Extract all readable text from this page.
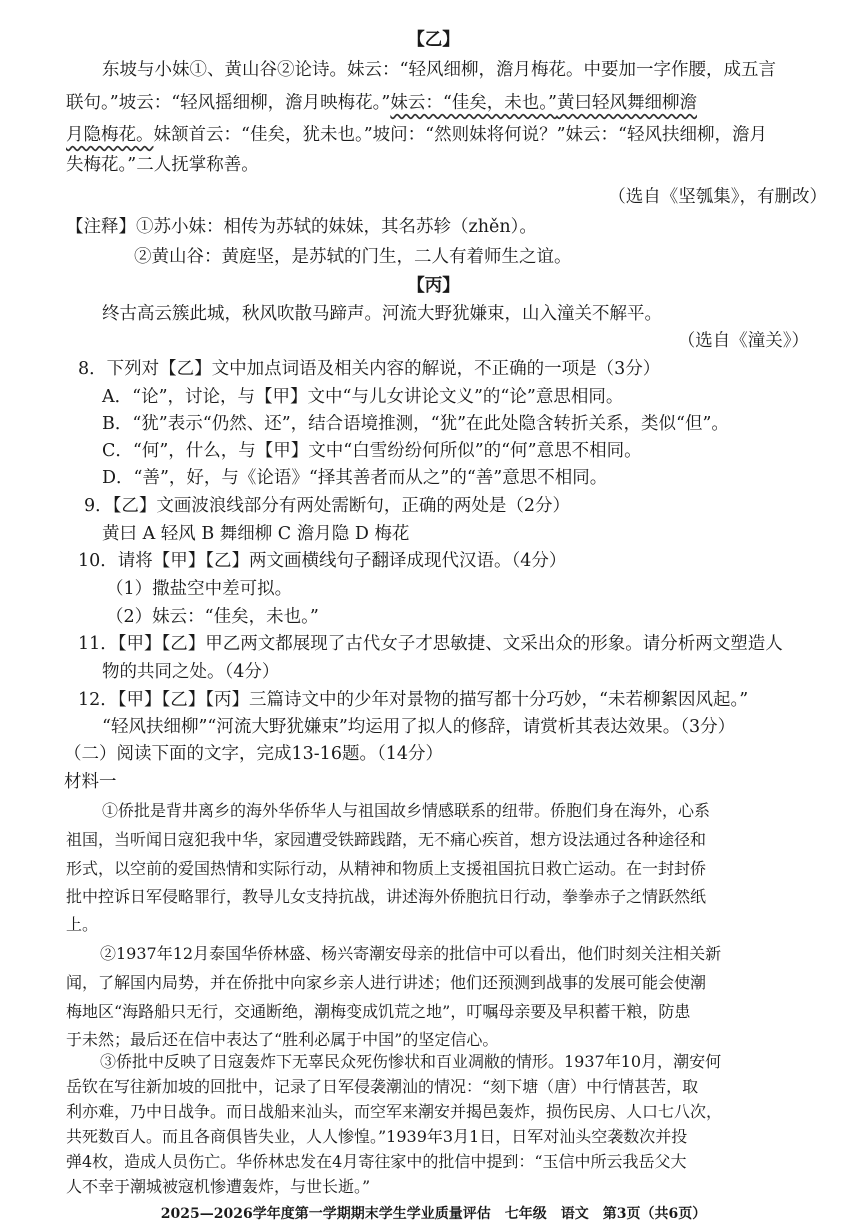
【乙】
东坡与小妹①、黄山谷②论诗。妹云：“轻风细柳，澹月梅花。中要加一字作腰，成五言
联句。”坡云：“轻风摇细柳，澹月映梅花。”妹云：“佳矣，未也。”黄曰轻风舞细柳澹
月隐梅花。妹颔首云：“佳矣，犹未也。”坡问：“然则妹将何说？”妹云：“轻风扶细柳，澹月
失梅花。”二人抚掌称善。
（选自《坚瓠集》，有删改）
【注释】①苏小妹：相传为苏轼的妹妹，其名苏轸（zhěn）。
②黄山谷：黄庭坚，是苏轼的门生，二人有着师生之谊。
【丙】
终古高云簇此城，秋风吹散马蹄声。河流大野犹嫌束，山入潼关不解平。
（选自《潼关》）
8．下列对【乙】文中加点词语及相关内容的解说，不正确的一项是（3分）
A．“论”，讨论，与【甲】文中“与儿女讲论文义”的“论”意思相同。
B．“犹”表示“仍然、还”，结合语境推测，“犹”在此处隐含转折关系，类似“但”。
C．“何”，什么，与【甲】文中“白雪纷纷何所似”的“何”意思不相同。
D．“善”，好，与《论语》“择其善者而从之”的“善”意思不相同。
9．【乙】文画波浪线部分有两处需断句，正确的两处是（2分）
黄曰 A 轻风 B 舞细柳 C 澹月隐 D 梅花
10．请将【甲】【乙】两文画横线句子翻译成现代汉语。（4分）
（1）撒盐空中差可拟。
（2）妹云：“佳矣，未也。”
11．【甲】【乙】甲乙两文都展现了古代女子才思敏捷、文采出众的形象。请分析两文塑造人
物的共同之处。（4分）
12．【甲】【乙】【丙】三篇诗文中的少年对景物的描写都十分巧妙，“未若柳絮因风起。”
“轻风扶细柳”“河流大野犹嫌束”均运用了拟人的修辞，请赏析其表达效果。（3分）
（二）阅读下面的文字，完成13-16题。（14分）
材料一
①侨批是背井离乡的海外华侨华人与祖国故乡情感联系的纽带。侨胞们身在海外，心系
祖国，当听闻日寇犯我中华，家园遭受铁蹄践踏，无不痛心疾首，想方设法通过各种途径和
形式，以空前的爱国热情和实际行动，从精神和物质上支援祖国抗日救亡运动。在一封封侨
批中控诉日军侵略罪行，教导儿女支持抗战，讲述海外侨胞抗日行动，拳拳赤子之情跃然纸
上。
②1937年12月泰国华侨林盛、杨兴寄潮安母亲的批信中可以看出，他们时刻关注相关新
闻，了解国内局势，并在侨批中向家乡亲人进行讲述；他们还预测到战事的发展可能会使潮
梅地区“海路船只无行，交通断绝，潮梅变成饥荒之地”，叮嘱母亲要及早积蓄干粮，防患
于未然；最后还在信中表达了“胜利必属于中国”的坚定信心。
③侨批中反映了日寇轰炸下无辜民众死伤惨状和百业凋敝的情形。1937年10月，潮安何
岳钦在写往新加坡的回批中，记录了日军侵袭潮汕的情况：“刻下塘（唐）中行情甚苦，取
利亦难，乃中日战争。而日战船来汕头，而空军来潮安并揭邑轰炸，损伤民房、人口七八次，
共死数百人。而且各商俱皆失业，人人惨惶。”1939年3月1日，日军对汕头空袭数次并投
弹4枚，造成人员伤亡。华侨林忠发在4月寄往家中的批信中提到：“玉信中所云我岳父大
人不幸于潮城被寇机惨遭轰炸，与世长逝。”
2025—2026学年度第一学期期末学生学业质量评估　七年级　语文　第3页（共6页）
